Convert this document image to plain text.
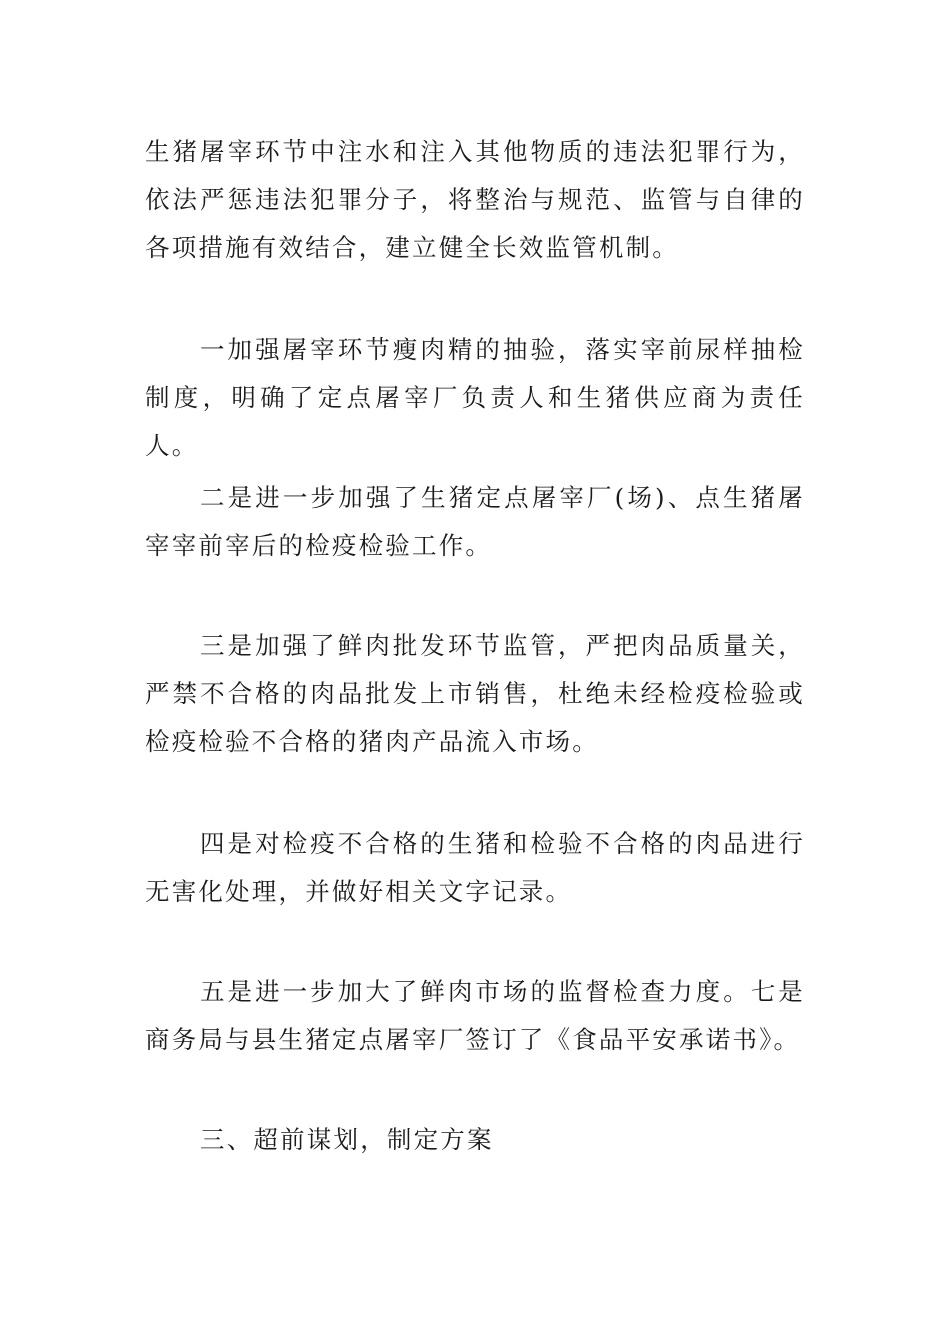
生猪屠宰环节中注水和注入其他物质的违法犯罪行为，依法严惩违法犯罪分子，将整治与规范、监管与自律的各项措施有效结合，建立健全长效监管机制。

一加强屠宰环节瘦肉精的抽验，落实宰前尿样抽检制度，明确了定点屠宰厂负责人和生猪供应商为责任人。

二是进一步加强了生猪定点屠宰厂(场)、点生猪屠宰宰前宰后的检疫检验工作。

三是加强了鲜肉批发环节监管，严把肉品质量关，严禁不合格的肉品批发上市销售，杜绝未经检疫检验或检疫检验不合格的猪肉产品流入市场。

四是对检疫不合格的生猪和检验不合格的肉品进行无害化处理，并做好相关文字记录。

五是进一步加大了鲜肉市场的监督检查力度。七是商务局与县生猪定点屠宰厂签订了《食品平安承诺书》。

三、超前谋划，制定方案
